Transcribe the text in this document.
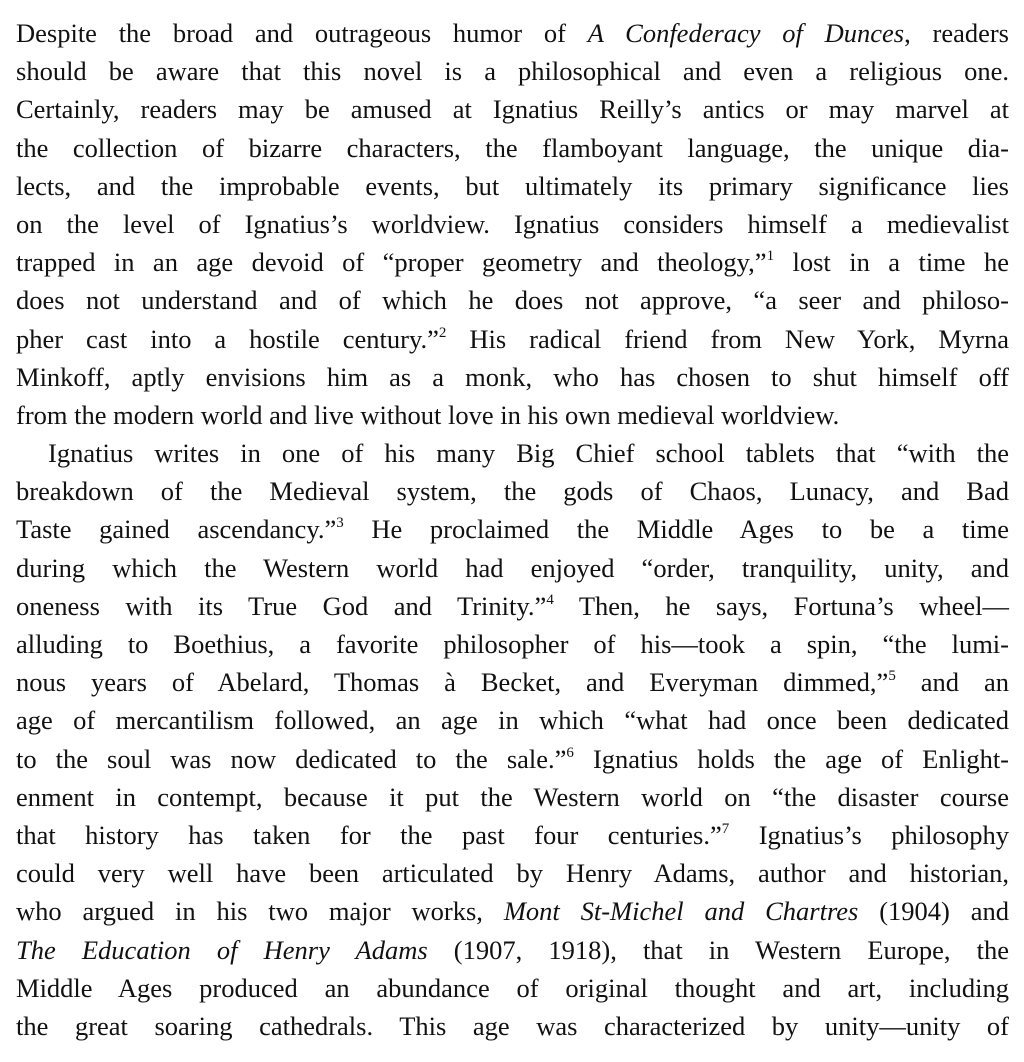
Despite the broad and outrageous humor of A Confederacy of Dunces, readers
should be aware that this novel is a philosophical and even a religious one.
Certainly, readers may be amused at Ignatius Reilly’s antics or may marvel at
the collection of bizarre characters, the flamboyant language, the unique dia-
lects, and the improbable events, but ultimately its primary significance lies
on the level of Ignatius’s worldview. Ignatius considers himself a medievalist
trapped in an age devoid of “proper geometry and theology,”$^1$ lost in a time he
does not understand and of which he does not approve, “a seer and philoso-
pher cast into a hostile century.”$^2$ His radical friend from New York, Myrna
Minkoff, aptly envisions him as a monk, who has chosen to shut himself off
from the modern world and live without love in his own medieval worldview.
Ignatius writes in one of his many Big Chief school tablets that “with the
breakdown of the Medieval system, the gods of Chaos, Lunacy, and Bad
Taste gained ascendancy.”$^3$ He proclaimed the Middle Ages to be a time
during which the Western world had enjoyed “order, tranquility, unity, and
oneness with its True God and Trinity.”$^4$ Then, he says, Fortuna’s wheel—
alluding to Boethius, a favorite philosopher of his—took a spin, “the lumi-
nous years of Abelard, Thomas à Becket, and Everyman dimmed,”$^5$ and an
age of mercantilism followed, an age in which “what had once been dedicated
to the soul was now dedicated to the sale.”$^6$ Ignatius holds the age of Enlight-
enment in contempt, because it put the Western world on “the disaster course
that history has taken for the past four centuries.”$^7$ Ignatius’s philosophy
could very well have been articulated by Henry Adams, author and historian,
who argued in his two major works, Mont St-Michel and Chartres (1904) and
The Education of Henry Adams (1907, 1918), that in Western Europe, the
Middle Ages produced an abundance of original thought and art, including
the great soaring cathedrals. This age was characterized by unity—unity of
